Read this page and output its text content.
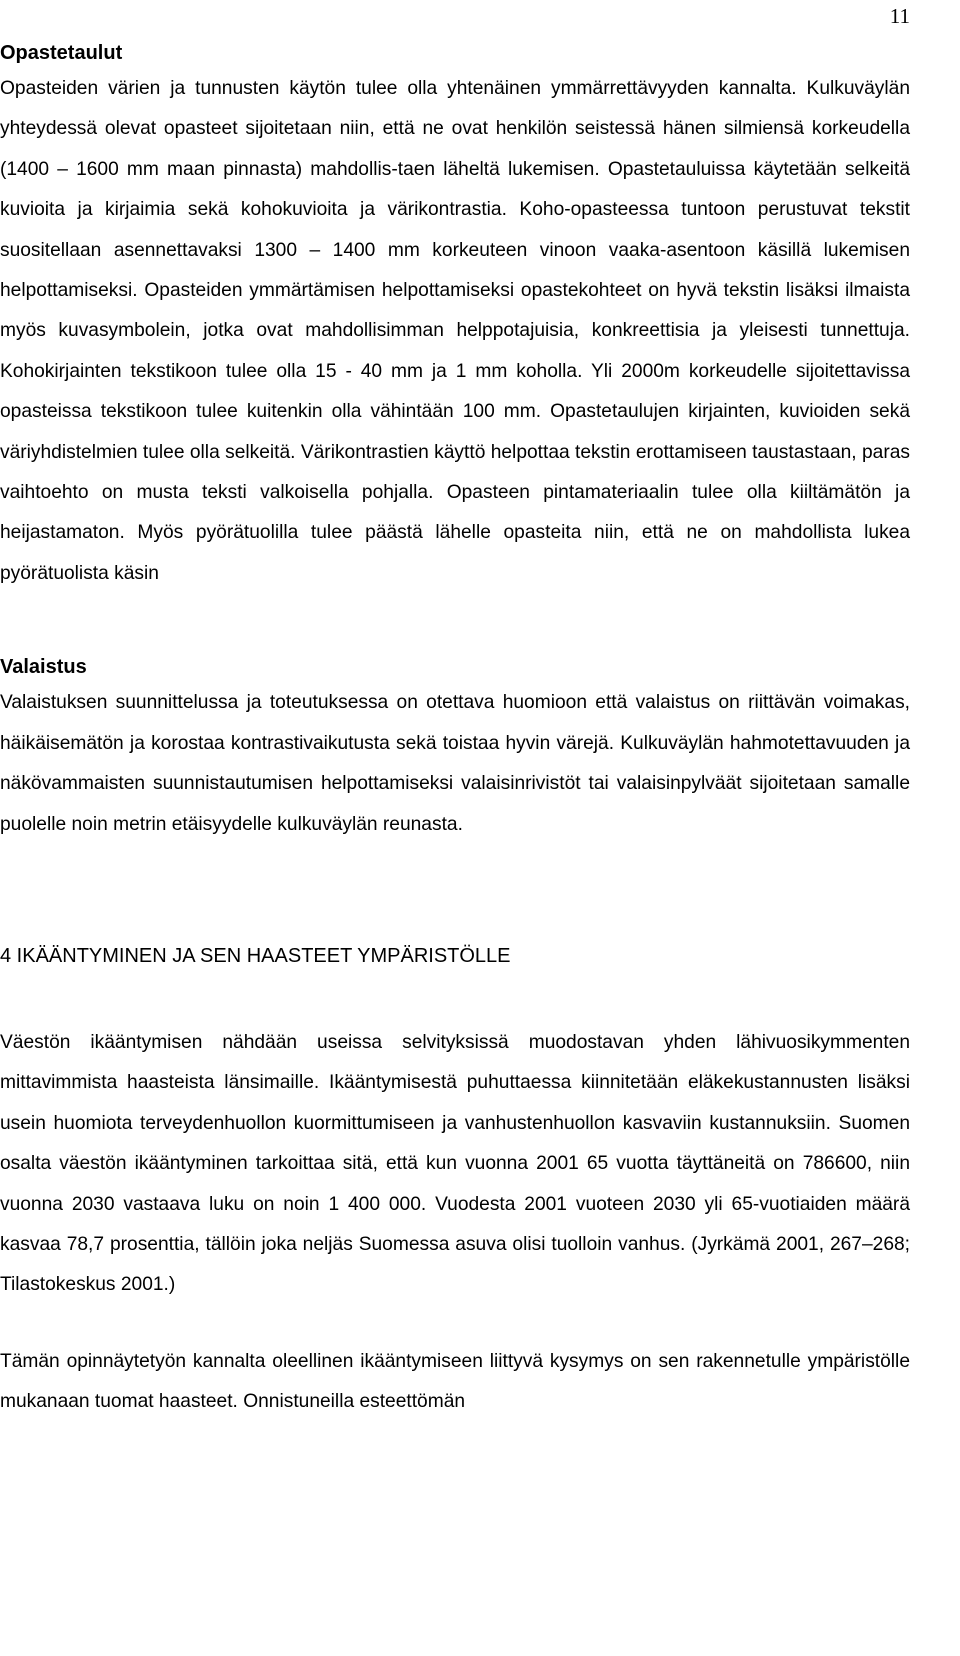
11
Opastetaulut

Opasteiden värien ja tunnusten käytön tulee olla yhtenäinen ymmärrettävyyden kannalta. Kulkuväylän yhteydessä olevat opasteet sijoitetaan niin, että ne ovat henkilön seistessä hänen silmiensä korkeudella (1400 – 1600 mm maan pinnasta) mahdollis-taen läheltä lukemisen. Opastetauluissa käytetään selkeitä kuvioita ja kirjaimia sekä kohokuvioita ja värikontrastia. Koho-opasteessa tuntoon perustuvat tekstit suositellaan asennettavaksi 1300 – 1400 mm korkeuteen vinoon vaaka-asentoon käsillä lukemisen helpottamiseksi. Opasteiden ymmärtämisen helpottamiseksi opastekohteet on hyvä tekstin lisäksi ilmaista myös kuvasymbolein, jotka ovat mahdollisimman helppotajuisia, konkreettisia ja yleisesti tunnettuja. Kohokirjainten tekstikoon tulee olla 15 - 40 mm ja 1 mm koholla. Yli 2000m korkeudelle sijoitettavissa opasteissa tekstikoon tulee kuitenkin olla vähintään 100 mm. Opastetaulujen kirjainten, kuvioiden sekä väriyhdistelmien tulee olla selkeitä. Värikontrastien käyttö helpottaa tekstin erottamiseen taustastaan, paras vaihtoehto on musta teksti valkoisella pohjalla. Opasteen pintamateriaalin tulee olla kiiltämätön ja heijastamaton. Myös pyörätuolilla tulee päästä lähelle opasteita niin, että ne on mahdollista lukea pyörätuolista käsin

Valaistus

Valaistuksen suunnittelussa ja toteutuksessa on otettava huomioon että valaistus on riittävän voimakas, häikäisemätön ja korostaa kontrastivaikutusta sekä toistaa hyvin värejä. Kulkuväylän hahmotettavuuden ja näkövammaisten suunnistautumisen helpottamiseksi valaisinrivistöt tai valaisinpylväät sijoitetaan samalle puolelle noin metrin etäisyydelle kulkuväylän reunasta.

4 IKÄÄNTYMINEN JA SEN HAASTEET YMPÄRISTÖLLE

Väestön ikääntymisen nähdään useissa selvityksissä muodostavan yhden lähivuosikymmenten mittavimmista haasteista länsimaille. Ikääntymisestä puhuttaessa kiinnitetään eläkekustannusten lisäksi usein huomiota terveydenhuollon kuormittumiseen ja vanhustenhuollon kasvaviin kustannuksiin. Suomen osalta väestön ikääntyminen tarkoittaa sitä, että kun vuonna 2001 65 vuotta täyttäneitä on 786600, niin vuonna 2030 vastaava luku on noin 1 400 000. Vuodesta 2001 vuoteen 2030 yli 65-vuotiaiden määrä kasvaa 78,7 prosenttia, tällöin joka neljäs Suomessa asuva olisi tuolloin vanhus. (Jyrkämä 2001, 267–268; Tilastokeskus 2001.)

Tämän opinnäytetyön kannalta oleellinen ikääntymiseen liittyvä kysymys on sen rakennetulle ympäristölle mukanaan tuomat haasteet. Onnistuneilla esteettömän
